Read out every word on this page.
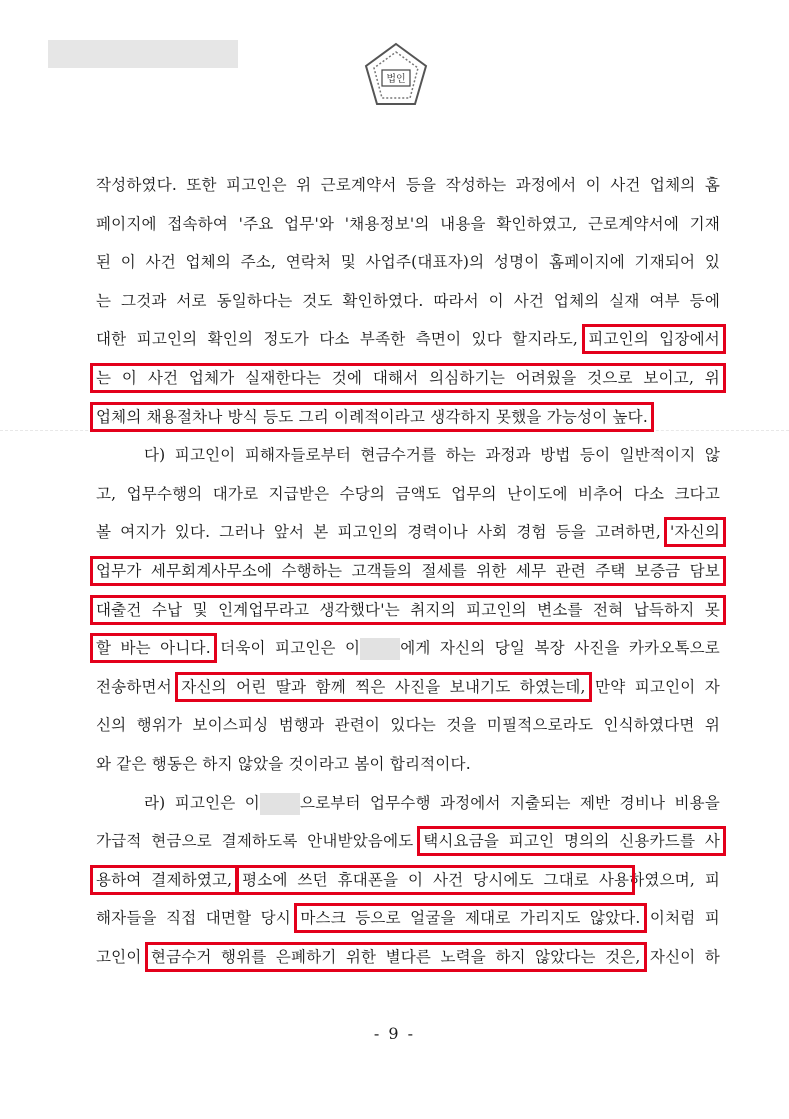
법인
작성하였다. 또한 피고인은 위 근로계약서 등을 작성하는 과정에서 이 사건 업체의 홈
페이지에 접속하여 '주요 업무'와 '채용정보'의 내용을 확인하였고, 근로계약서에 기재
된 이 사건 업체의 주소, 연락처 및 사업주(대표자)의 성명이 홈페이지에 기재되어 있
는 그것과 서로 동일하다는 것도 확인하였다. 따라서 이 사건 업체의 실재 여부 등에
대한 피고인의 확인의 정도가 다소 부족한 측면이 있다 할지라도, 피고인의 입장에서
는 이 사건 업체가 실재한다는 것에 대해서 의심하기는 어려웠을 것으로 보이고, 위
업체의 채용절차나 방식 등도 그리 이례적이라고 생각하지 못했을 가능성이 높다.
다) 피고인이 피해자들로부터 현금수거를 하는 과정과 방법 등이 일반적이지 않
고, 업무수행의 대가로 지급받은 수당의 금액도 업무의 난이도에 비추어 다소 크다고
볼 여지가 있다. 그러나 앞서 본 피고인의 경력이나 사회 경험 등을 고려하면, '자신의
업무가 세무회계사무소에 수행하는 고객들의 절세를 위한 세무 관련 주택 보증금 담보
대출건 수납 및 인계업무라고 생각했다'는 취지의 피고인의 변소를 전혀 납득하지 못
할 바는 아니다. 더욱이 피고인은 이	에게 자신의 당일 복장 사진을 카카오톡으로
전송하면서 자신의 어린 딸과 함께 찍은 사진을 보내기도 하였는데, 만약 피고인이 자
신의 행위가 보이스피싱 범행과 관련이 있다는 것을 미필적으로라도 인식하였다면 위
와 같은 행동은 하지 않았을 것이라고 봄이 합리적이다.
라) 피고인은 이	으로부터 업무수행 과정에서 지출되는 제반 경비나 비용을
가급적 현금으로 결제하도록 안내받았음에도 택시요금을 피고인 명의의 신용카드를 사
용하여 결제하였고, 평소에 쓰던 휴대폰을 이 사건 당시에도 그대로 사용하였으며, 피
해자들을 직접 대면할 당시 마스크 등으로 얼굴을 제대로 가리지도 않았다. 이처럼 피
고인이 현금수거 행위를 은폐하기 위한 별다른 노력을 하지 않았다는 것은, 자신이 하
- 9 -
